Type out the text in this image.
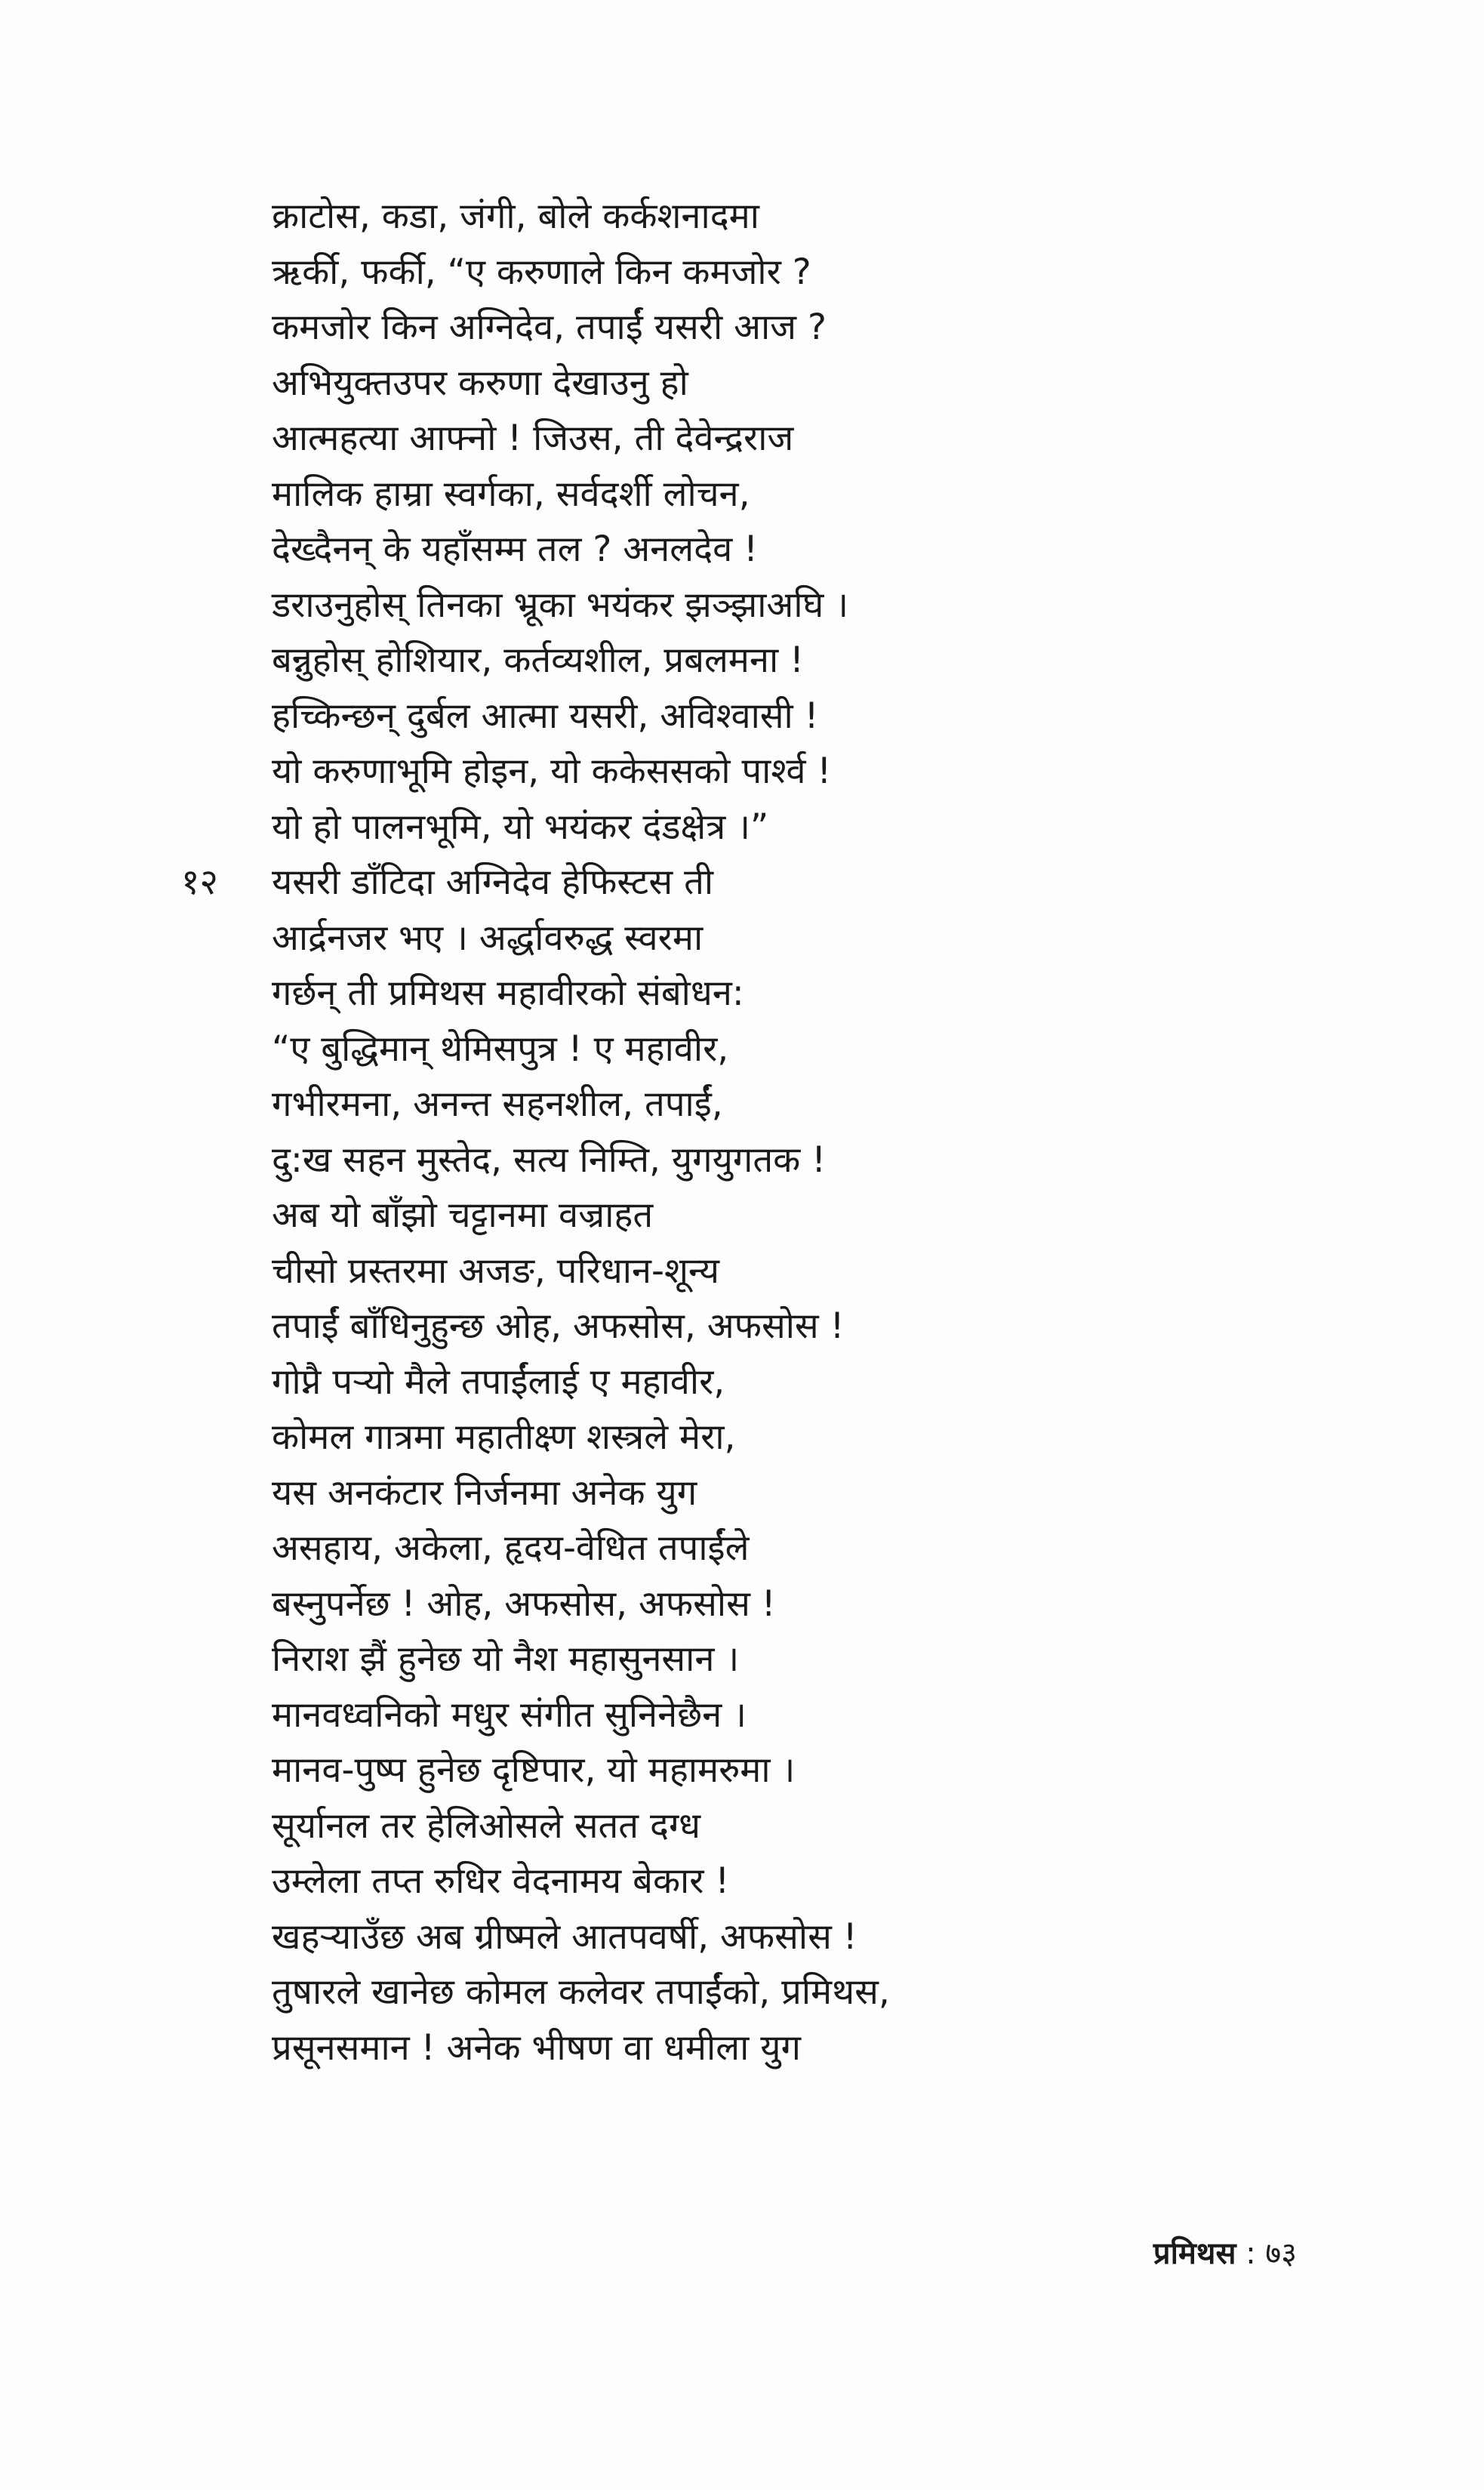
क्राटोस, कडा, जंगी, बोले कर्कशनादमा
ऋर्की, फर्की, “ए करुणाले किन कमजोर ?
कमजोर किन अग्निदेव, तपाईं यसरी आज ?
अभियुक्तउपर करुणा देखाउनु हो
आत्महत्या आफ्नो ! जिउस, ती देवेन्द्रराज
मालिक हाम्रा स्वर्गका, सर्वदर्शी लोचन,
देख्दैनन् के यहाँसम्म तल ? अनलदेव !
डराउनुहोस् तिनका भ्रूका भयंकर झञ्झाअघि ।
बन्नुहोस् होशियार, कर्तव्यशील, प्रबलमना !
हच्किन्छन् दुर्बल आत्मा यसरी, अविश्वासी !
यो करुणाभूमि होइन, यो ककेससको पार्श्व !
यो हो पालनभूमि, यो भयंकर दंडक्षेत्र ।”
१२ यसरी डाँटिदा अग्निदेव हेफिस्टस ती
आर्द्रनजर भए । अर्द्धावरुद्ध स्वरमा
गर्छन् ती प्रमिथस महावीरको संबोधन:
“ए बुद्धिमान् थेमिसपुत्र ! ए महावीर,
गभीरमना, अनन्त सहनशील, तपाईं,
दु:ख सहन मुस्तेद, सत्य निम्ति, युगयुगतक !
अब यो बाँझो चट्टानमा वज्राहत
चीसो प्रस्तरमा अजङ, परिधान-शून्य
तपाईं बाँधिनुहुन्छ ओह, अफसोस, अफसोस !
गोप्नै पऱ्यो मैले तपाईंलाई ए महावीर,
कोमल गात्रमा महातीक्ष्ण शस्त्रले मेरा,
यस अनकंटार निर्जनमा अनेक युग
असहाय, अकेला, हृदय-वेधित तपाईंले
बस्नुपर्नेछ ! ओह, अफसोस, अफसोस !
निराश झैं हुनेछ यो नैश महासुनसान ।
मानवध्वनिको मधुर संगीत सुनिनेछैन ।
मानव-पुष्प हुनेछ दृष्टिपार, यो महामरुमा ।
सूर्यानल तर हेलिओसले सतत दग्ध
उम्लेला तप्त रुधिर वेदनामय बेकार !
खहऱ्याउँछ अब ग्रीष्मले आतपवर्षी, अफसोस !
तुषारले खानेछ कोमल कलेवर तपाईंको, प्रमिथस,
प्रसूनसमान ! अनेक भीषण वा धमीला युग
प्रमिथस : ७३
